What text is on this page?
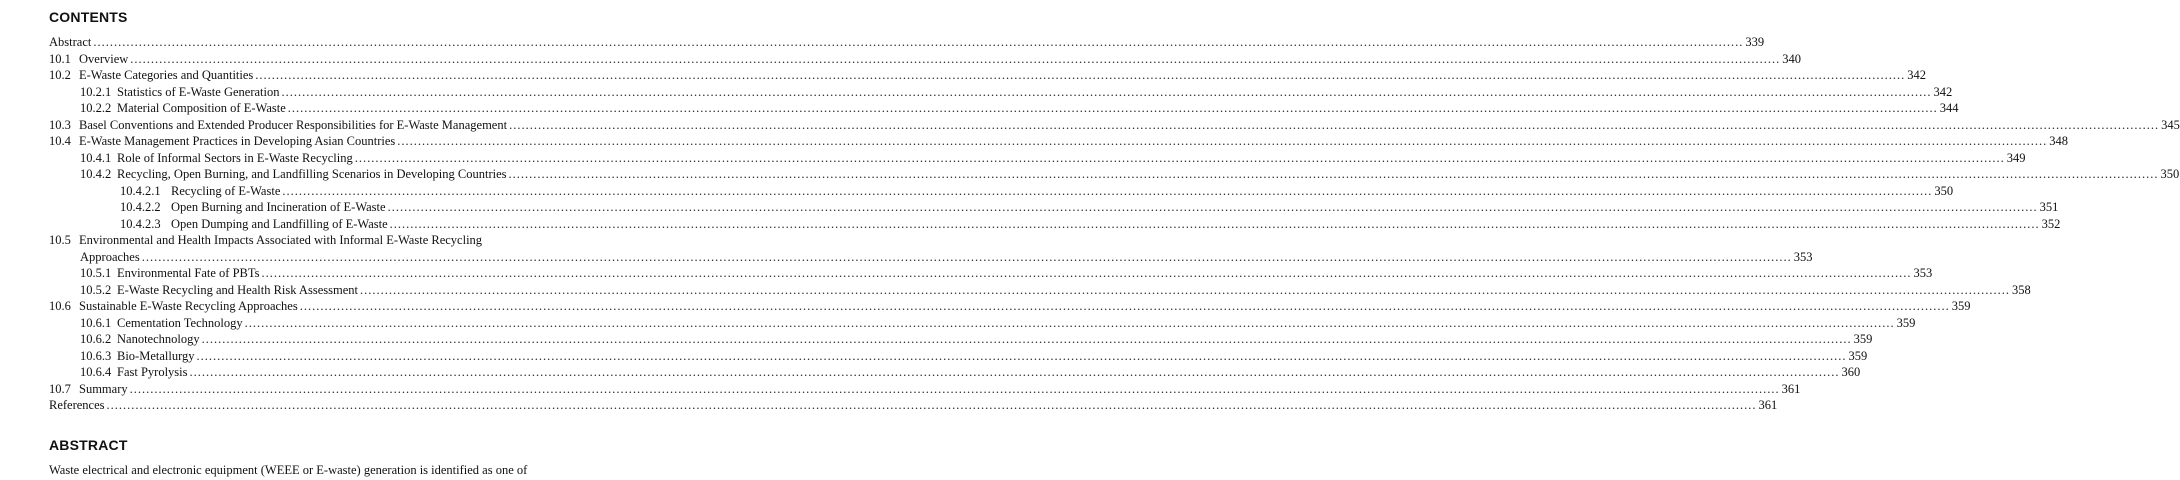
CONTENTS
Abstract ................................................................................................................................................................................................................................................................................................................................................................................................................ 339
10.1 Overview ................................................................................................................................................................................................................................................................................................................................................................................................................ 340
10.2 E-Waste Categories and Quantities ................................................................................................................................................................................................................................................................................................................................................................................................................ 342
10.2.1 Statistics of E-Waste Generation ................................................................................................................................................................................................................................................................................................................................................................................................................ 342
10.2.2 Material Composition of E-Waste ................................................................................................................................................................................................................................................................................................................................................................................................................ 344
10.3 Basel Conventions and Extended Producer Responsibilities for E-Waste Management ................................................................................................................................................................................................................................................................................................................................................................................................................ 345
10.4 E-Waste Management Practices in Developing Asian Countries ................................................................................................................................................................................................................................................................................................................................................................................................................ 348
10.4.1 Role of Informal Sectors in E-Waste Recycling ................................................................................................................................................................................................................................................................................................................................................................................................................ 349
10.4.2 Recycling, Open Burning, and Landfilling Scenarios in Developing Countries ................................................................................................................................................................................................................................................................................................................................................................................................................ 350
10.4.2.1 Recycling of E-Waste ................................................................................................................................................................................................................................................................................................................................................................................................................ 350
10.4.2.2 Open Burning and Incineration of E-Waste ................................................................................................................................................................................................................................................................................................................................................................................................................ 351
10.4.2.3 Open Dumping and Landfilling of E-Waste ................................................................................................................................................................................................................................................................................................................................................................................................................ 352
10.5 Environmental and Health Impacts Associated with Informal E-Waste Recycling
Approaches ................................................................................................................................................................................................................................................................................................................................................................................................................ 353
10.5.1 Environmental Fate of PBTs ................................................................................................................................................................................................................................................................................................................................................................................................................ 353
10.5.2 E-Waste Recycling and Health Risk Assessment ................................................................................................................................................................................................................................................................................................................................................................................................................ 358
10.6 Sustainable E-Waste Recycling Approaches ................................................................................................................................................................................................................................................................................................................................................................................................................ 359
10.6.1 Cementation Technology ................................................................................................................................................................................................................................................................................................................................................................................................................ 359
10.6.2 Nanotechnology ................................................................................................................................................................................................................................................................................................................................................................................................................ 359
10.6.3 Bio-Metallurgy ................................................................................................................................................................................................................................................................................................................................................................................................................ 359
10.6.4 Fast Pyrolysis ................................................................................................................................................................................................................................................................................................................................................................................................................ 360
10.7 Summary ................................................................................................................................................................................................................................................................................................................................................................................................................ 361
References ................................................................................................................................................................................................................................................................................................................................................................................................................ 361
ABSTRACT
Waste electrical and electronic equipment (WEEE or E-waste) generation is identified as one of
